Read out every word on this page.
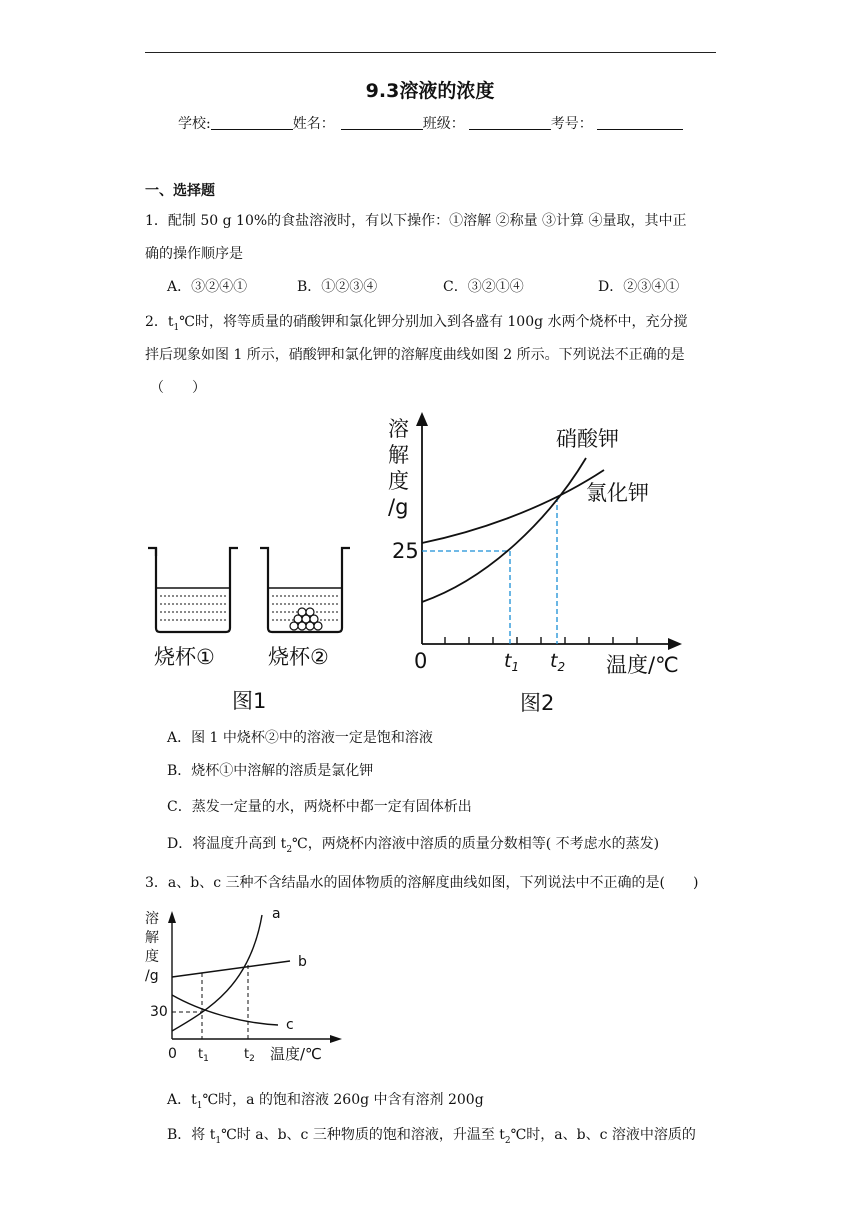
9.3溶液的浓度
学校:	姓名：	班级：	考号：
一、选择题
1．配制 50 g 10%的食盐溶液时，有以下操作：①溶解 ②称量 ③计算 ④量取，其中正
确的操作顺序是
A．③②④①	B．①②③④	C．③②①④	D．②③④①
2．$t_1℃$时，将等质量的硝酸钾和氯化钾分别加入到各盛有 100g 水两个烧杯中，充分搅
拌后现象如图 1 所示，硝酸钾和氯化钾的溶解度曲线如图 2 所示。下列说法不正确的是
（　　）
烧杯①	烧杯②
图1
溶
解
度
/g
25
0	$t_1$ $t_2$ 温度/℃
硝酸钾
氯化钾
图2
A．图 1 中烧杯②中的溶液一定是饱和溶液
B．烧杯①中溶解的溶质是氯化钾
C．蒸发一定量的水，两烧杯中都一定有固体析出
D．将温度升高到 $t_2℃$，两烧杯内溶液中溶质的质量分数相等( 不考虑水的蒸发)
3．a、b、c 三种不含结晶水的固体物质的溶解度曲线如图，下列说法中不正确的是(　　)
溶
解
度
/g
30
0 $t_1$	$t_2$ 温度/℃
a
b
c
A．$t_1℃$时，a 的饱和溶液 260g 中含有溶剂 200g
B．将 $t_1℃$时 a、b、c 三种物质的饱和溶液，升温至 $t_2℃$时，a、b、c 溶液中溶质的
